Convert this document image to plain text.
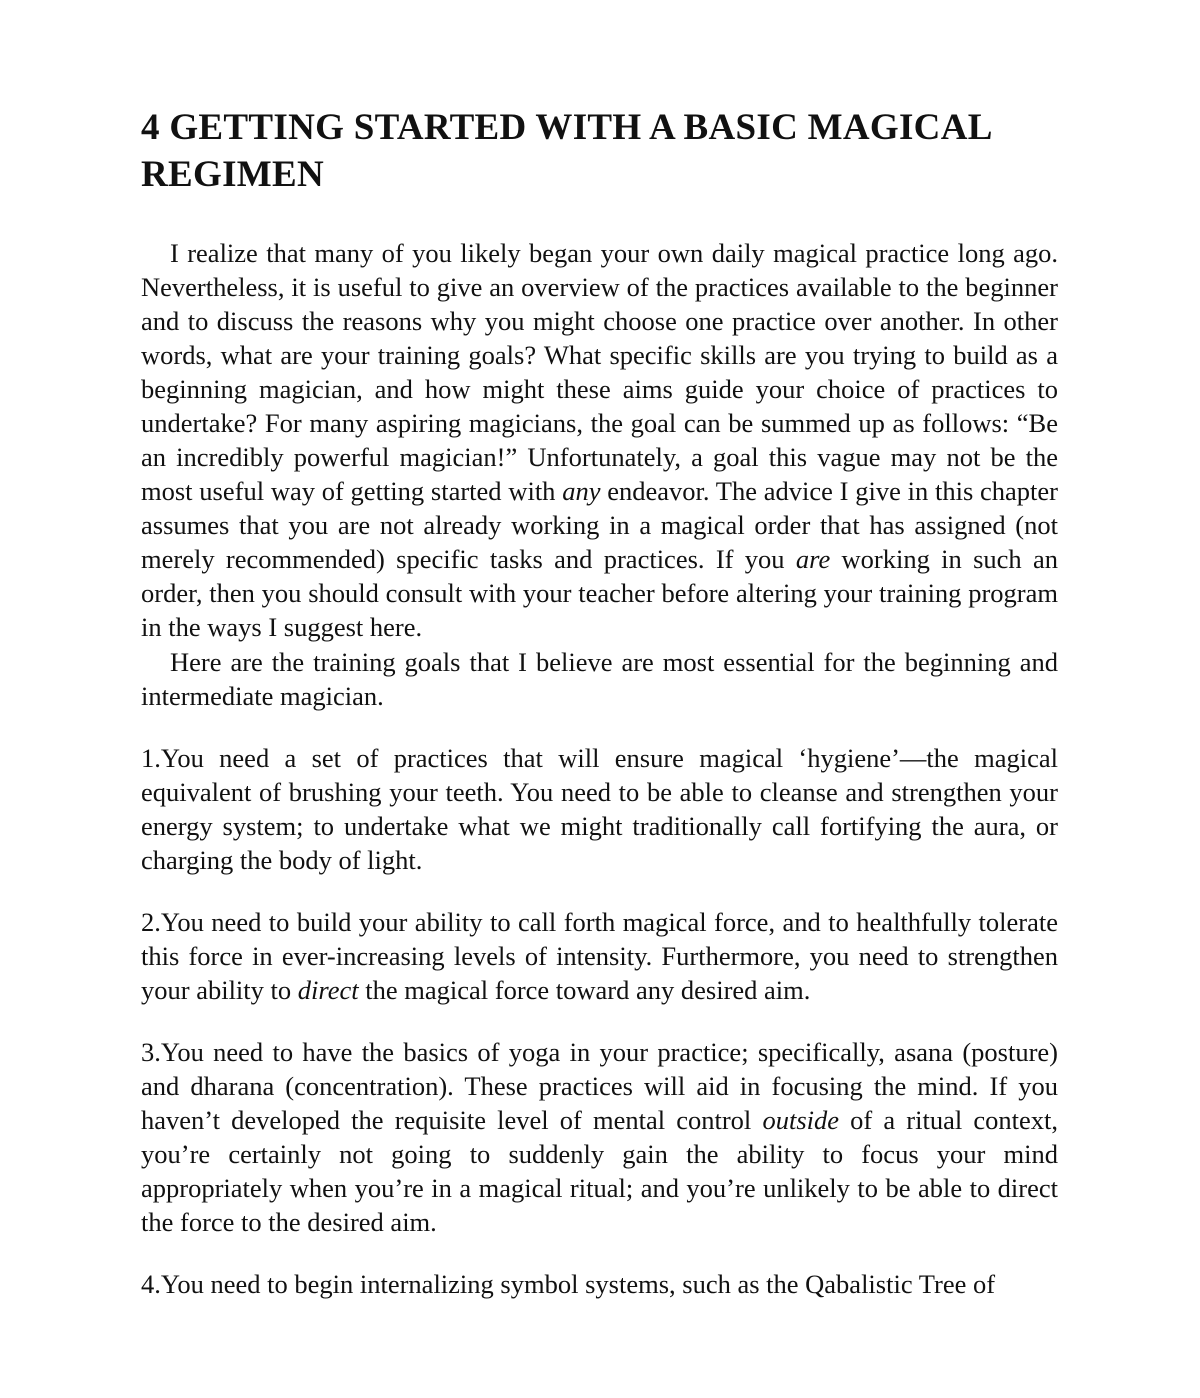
4 GETTING STARTED WITH A BASIC MAGICAL REGIMEN

I realize that many of you likely began your own daily magical practice long ago. Nevertheless, it is useful to give an overview of the practices available to the beginner and to discuss the reasons why you might choose one practice over another. In other words, what are your training goals? What specific skills are you trying to build as a beginning magician, and how might these aims guide your choice of practices to undertake? For many aspiring magicians, the goal can be summed up as follows: “Be an incredibly powerful magician!” Unfortunately, a goal this vague may not be the most useful way of getting started with any endeavor. The advice I give in this chapter assumes that you are not already working in a magical order that has assigned (not merely recommended) specific tasks and practices. If you are working in such an order, then you should consult with your teacher before altering your training program in the ways I suggest here.

Here are the training goals that I believe are most essential for the beginning and intermediate magician.

1.You need a set of practices that will ensure magical ‘hygiene’—the magical equivalent of brushing your teeth. You need to be able to cleanse and strengthen your energy system; to undertake what we might traditionally call fortifying the aura, or charging the body of light.

2.You need to build your ability to call forth magical force, and to healthfully tolerate this force in ever-increasing levels of intensity. Furthermore, you need to strengthen your ability to direct the magical force toward any desired aim.

3.You need to have the basics of yoga in your practice; specifically, asana (posture) and dharana (concentration). These practices will aid in focusing the mind. If you haven’t developed the requisite level of mental control outside of a ritual context, you’re certainly not going to suddenly gain the ability to focus your mind appropriately when you’re in a magical ritual; and you’re unlikely to be able to direct the force to the desired aim.

4.You need to begin internalizing symbol systems, such as the Qabalistic Tree of
